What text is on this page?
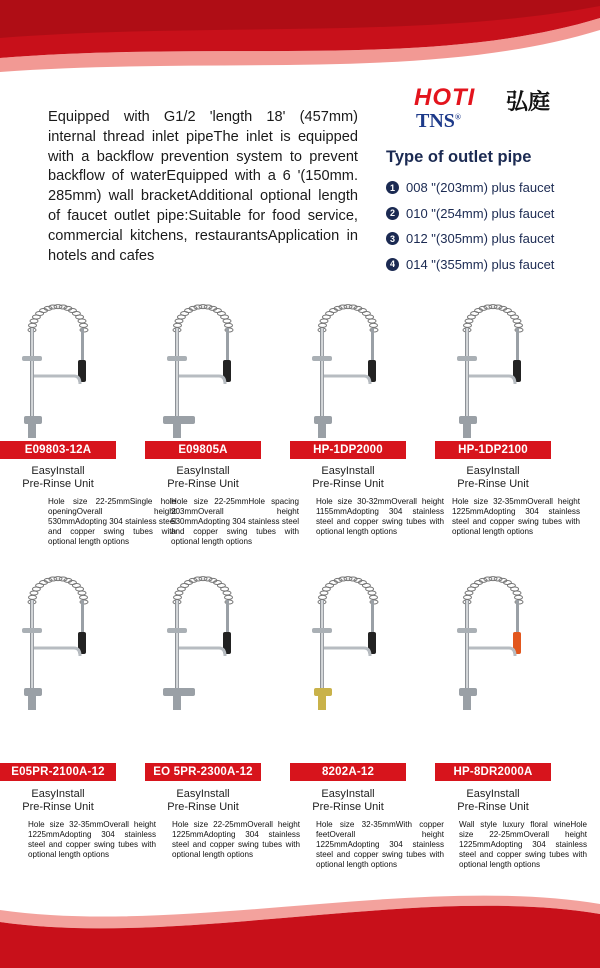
Equipped with G1/2 'length 18' (457mm) internal thread inlet pipeThe inlet is equipped with a backflow prevention system to prevent backflow of waterEquipped with a 6 '(150mm. 285mm) wall bracketAdditional optional length of faucet outlet pipe:Suitable for food service, commercial kitchens, restaurantsApplication in hotels and cafes

HOTI 弘庭
TNS®
Type of outlet pipe
1 008 "(203mm) plus faucet
2 010 "(254mm) plus faucet
3 012 "(305mm) plus faucet
4 014 "(355mm) plus faucet
E09803-12A
EasyInstall
Pre-Rinse Unit
Hole size 22-25mmSingle hole openingOverall height 530mmAdopting 304 stainless steel and copper swing tubes with optional length options
E09805A
EasyInstall
Pre-Rinse Unit
Hole size 22-25mmHole spacing 203mmOverall height 530mmAdopting 304 stainless steel and copper swing tubes with optional length options
HP-1DP2000
EasyInstall
Pre-Rinse Unit
Hole size 30-32mmOverall height 1155mmAdopting 304 stainless steel and copper swing tubes with optional length options
HP-1DP2100
EasyInstall
Pre-Rinse Unit
Hole size 32-35mmOverall height 1225mmAdopting 304 stainless steel and copper swing tubes with optional length options
E05PR-2100A-12
EasyInstall
Pre-Rinse Unit
Hole size 32-35mmOverall height 1225mmAdopting 304 stainless steel and copper swing tubes with optional length options
EO 5PR-2300A-12
EasyInstall
Pre-Rinse Unit
Hole size 22-25mmOverall height 1225mmAdopting 304 stainless steel and copper swing tubes with optional length options
8202A-12
EasyInstall
Pre-Rinse Unit
Hole size 32-35mmWith copper feetOverall height 1225mmAdopting 304 stainless steel and copper swing tubes with optional length options
HP-8DR2000A
EasyInstall
Pre-Rinse Unit
Wall style luxury floral wineHole size 22-25mmOverall height 1225mmAdopting 304 stainless steel and copper swing tubes with optional length options
